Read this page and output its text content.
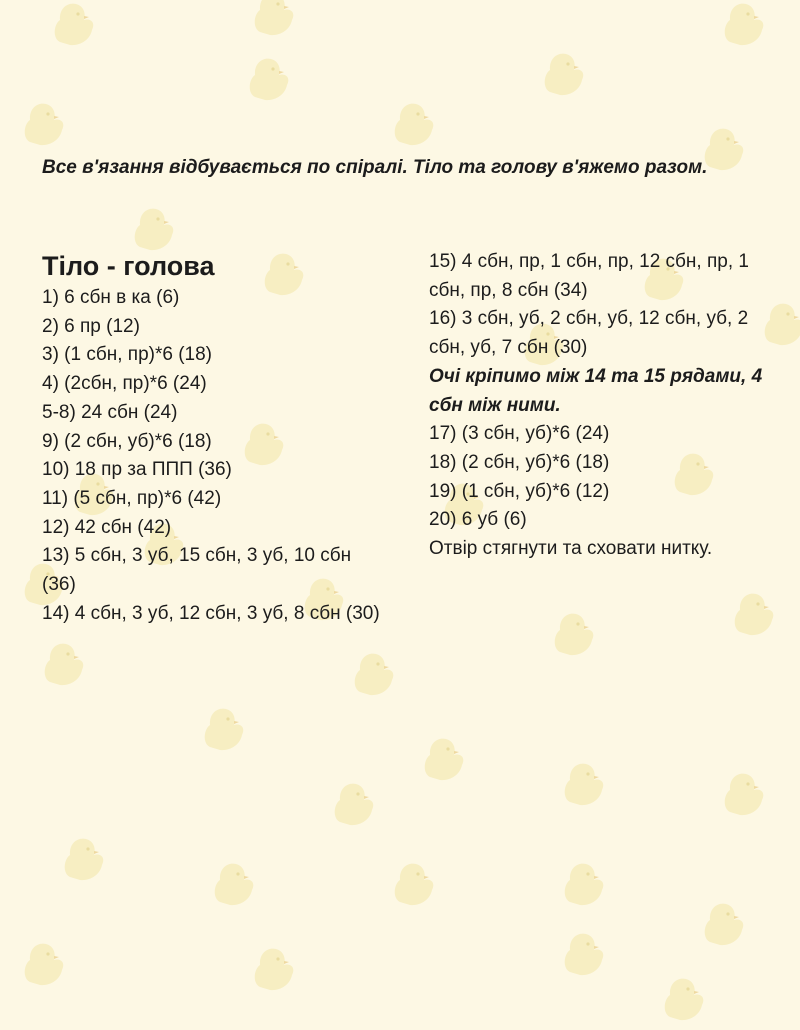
Все в'язання відбувається по спіралі. Тіло та голову в'яжемо разом.

Тіло - голова

1) 6 сбн в ка (6)

2) 6 пр (12)

3) (1 сбн, пр)*6 (18)

4) (2сбн, пр)*6 (24)

5-8) 24 сбн (24)

9) (2 сбн, уб)*6 (18)

10) 18 пр за ППП (36)

11) (5 сбн, пр)*6 (42)

12) 42 сбн (42)

13) 5 сбн, 3 уб, 15 сбн, 3 уб, 10 сбн (36)

14) 4 сбн, 3 уб, 12 сбн, 3 уб, 8 сбн (30)

15) 4 сбн, пр, 1 сбн, пр, 12 сбн, пр, 1 сбн, пр, 8 сбн (34)

16) 3 сбн, уб, 2 сбн, уб, 12 сбн, уб, 2 сбн, уб, 7 сбн (30)

Очі кріпимо між 14 та 15 рядами, 4 сбн між ними.

17) (3 сбн, уб)*6 (24)

18) (2 сбн, уб)*6 (18)

19) (1 сбн, уб)*6 (12)

20) 6 уб (6)

Отвір стягнути та сховати нитку.
